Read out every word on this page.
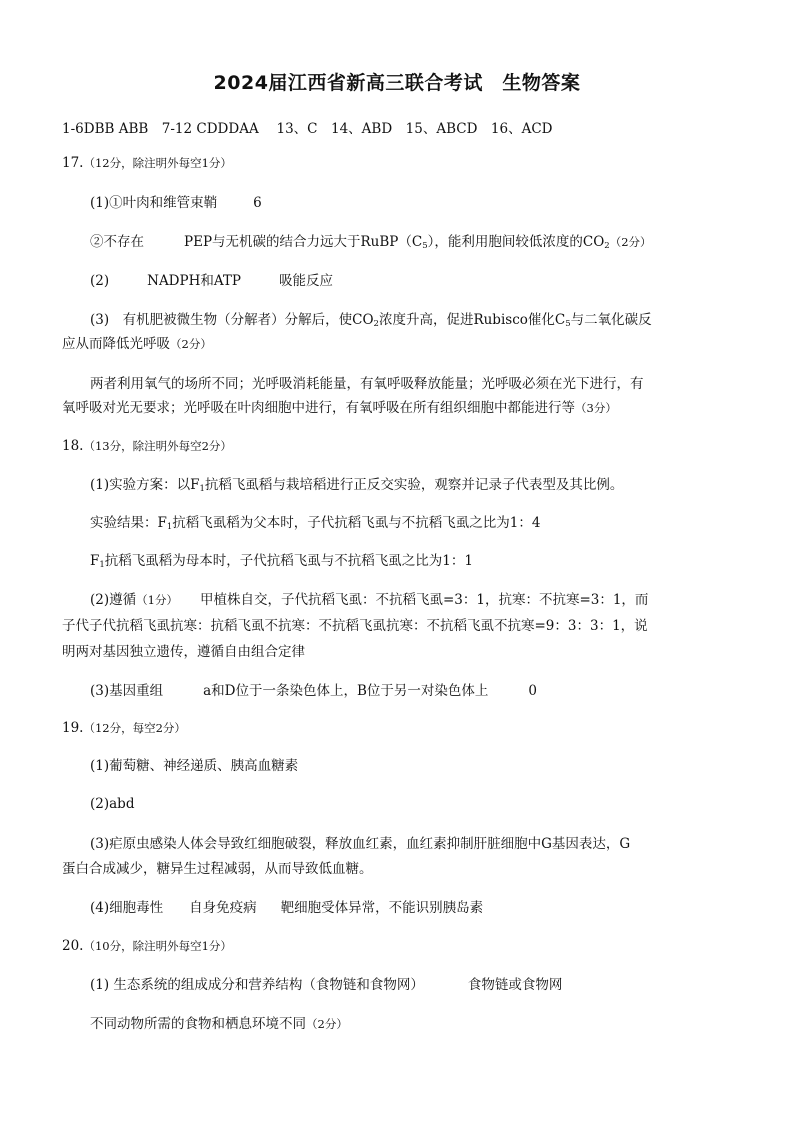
2024届江西省新高三联合考试　生物答案
1-6DBB ABB　7-12 CDDDAA　 13、C　14、ABD　15、ABCD　16、ACD
17.（12分，除注明外每空1分）
(1)①叶肉和维管束鞘	6
②不存在	PEP与无机碳的结合力远大于$RuBP(C_5)$，能利用胞间较低浓度的$CO_2(2$分）
(2)	NADPH和ATP	吸能反应
(3)　有机肥被微生物（分解者）分解后，使$CO_2$浓度升高，促进Rubisco催化$C_5$与二氧化碳反
应从而降低光呼吸（2分）
两者利用氧气的场所不同；光呼吸消耗能量，有氧呼吸释放能量；光呼吸必须在光下进行，有
氧呼吸对光无要求；光呼吸在叶肉细胞中进行，有氧呼吸在所有组织细胞中都能进行等（3分）
18.（13分，除注明外每空2分）
(1)实验方案：以$F_1$抗稻飞虱稻与栽培稻进行正反交实验，观察并记录子代表型及其比例。
实验结果：$F_1$抗稻飞虱稻为父本时，子代抗稻飞虱与不抗稻飞虱之比为1：4
$F_1$抗稻飞虱稻为母本时，子代抗稻飞虱与不抗稻飞虱之比为1：1
(2)遵循（1分） 甲植株自交，子代抗稻飞虱：不抗稻飞虱=3：1，抗寒：不抗寒=3：1，而
子代子代抗稻飞虱抗寒：抗稻飞虱不抗寒：不抗稻飞虱抗寒：不抗稻飞虱不抗寒=9：3：3：1，说
明两对基因独立遗传，遵循自由组合定律
(3)基因重组	a和D位于一条染色体上，B位于另一对染色体上	0
19.（12分，每空2分）
(1)葡萄糖、神经递质、胰高血糖素
(2)abd
(3)疟原虫感染人体会导致红细胞破裂，释放血红素，血红素抑制肝脏细胞中G基因表达，G
蛋白合成减少，糖异生过程减弱，从而导致低血糖。
(4)细胞毒性 自身免疫病 靶细胞受体异常，不能识别胰岛素
20.（10分，除注明外每空1分）
(1) 生态系统的组成成分和营养结构（食物链和食物网）	食物链或食物网
不同动物所需的食物和栖息环境不同（2分）
